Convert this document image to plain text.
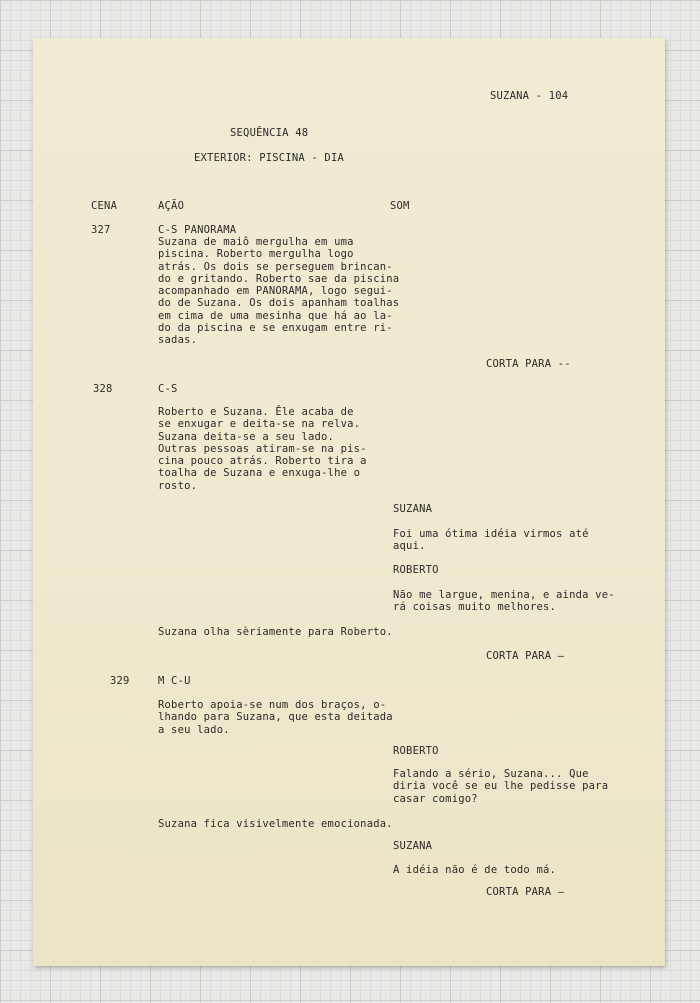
SUZANA - 104

SEQUÊNCIA 48

EXTERIOR: PISCINA - DIA

CENA	AÇÃO	SOM

327	C-S PANORAMA

Suzana de maiô mergulha em uma
piscina. Roberto mergulha logo
atrás. Os dois se perseguem brincan-
do e gritando. Roberto sae da piscina
acompanhado em PANORAMA, logo segui-
do de Suzana. Os dois apanham toalhas
em cima de uma mesinha que há ao la-
do da piscina e se enxugam entre ri-
sadas.

CORTA PARA --

328	C-S

Roberto e Suzana. Êle acaba de
se enxugar e deita-se na relva.
Suzana deita-se a seu lado.
Outras pessoas atiram-se na pis-
cina pouco atrás. Roberto tira a
toalha de Suzana e enxuga-lhe o
rosto.

SUZANA

Foi uma ótima idéia virmos até
aqui.

ROBERTO

Não me largue, menina, e ainda ve-
rá coisas muito melhores.

Suzana olha sèriamente para Roberto.

CORTA PARA —

329	M C-U

Roberto apoia-se num dos braços, o-
lhando para Suzana, que esta deitada
a seu lado.

ROBERTO

Falando a sério, Suzana... Que
diria você se eu lhe pedisse para
casar comigo?

Suzana fica visivelmente emocionada.

SUZANA

A idéia não é de todo má.

CORTA PARA —
